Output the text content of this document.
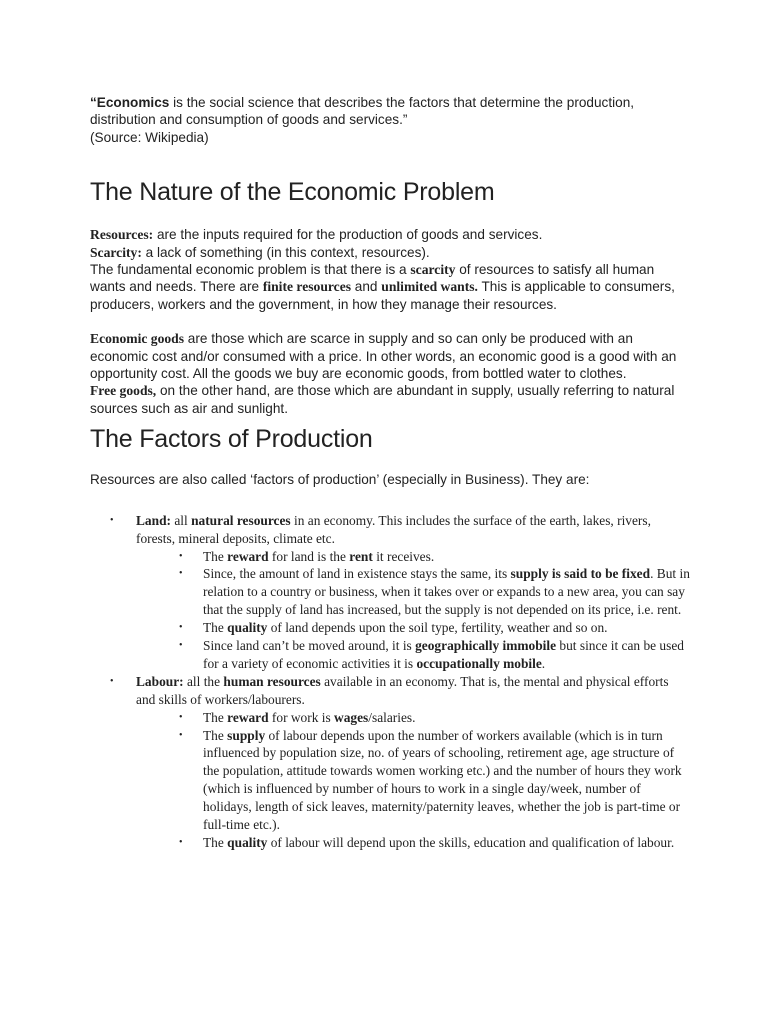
“Economics is the social science that describes the factors that determine the production, distribution and consumption of goods and services.”

(Source: Wikipedia)

The Nature of the Economic Problem

Resources: are the inputs required for the production of goods and services.

Scarcity: a lack of something (in this context, resources).

The fundamental economic problem is that there is a scarcity of resources to satisfy all human wants and needs. There are finite resources and unlimited wants. This is applicable to consumers, producers, workers and the government, in how they manage their resources.

Economic goods are those which are scarce in supply and so can only be produced with an economic cost and/or consumed with a price. In other words, an economic good is a good with an opportunity cost. All the goods we buy are economic goods, from bottled water to clothes.

Free goods, on the other hand, are those which are abundant in supply, usually referring to natural sources such as air and sunlight.

The Factors of Production

Resources are also called ‘factors of production’ (especially in Business). They are:

• Land: all natural resources in an economy. This includes the surface of the earth, lakes, rivers, forests, mineral deposits, climate etc.
• The reward for land is the rent it receives.
• Since, the amount of land in existence stays the same, its supply is said to be fixed. But in relation to a country or business, when it takes over or expands to a new area, you can say that the supply of land has increased, but the supply is not depended on its price, i.e. rent.
• The quality of land depends upon the soil type, fertility, weather and so on.
• Since land can’t be moved around, it is geographically immobile but since it can be used for a variety of economic activities it is occupationally mobile.
• Labour: all the human resources available in an economy. That is, the mental and physical efforts and skills of workers/labourers.
• The reward for work is wages/salaries.
• The supply of labour depends upon the number of workers available (which is in turn influenced by population size, no. of years of schooling, retirement age, age structure of the population, attitude towards women working etc.) and the number of hours they work (which is influenced by number of hours to work in a single day/week, number of holidays, length of sick leaves, maternity/paternity leaves, whether the job is part-time or full-time etc.).
• The quality of labour will depend upon the skills, education and qualification of labour.
